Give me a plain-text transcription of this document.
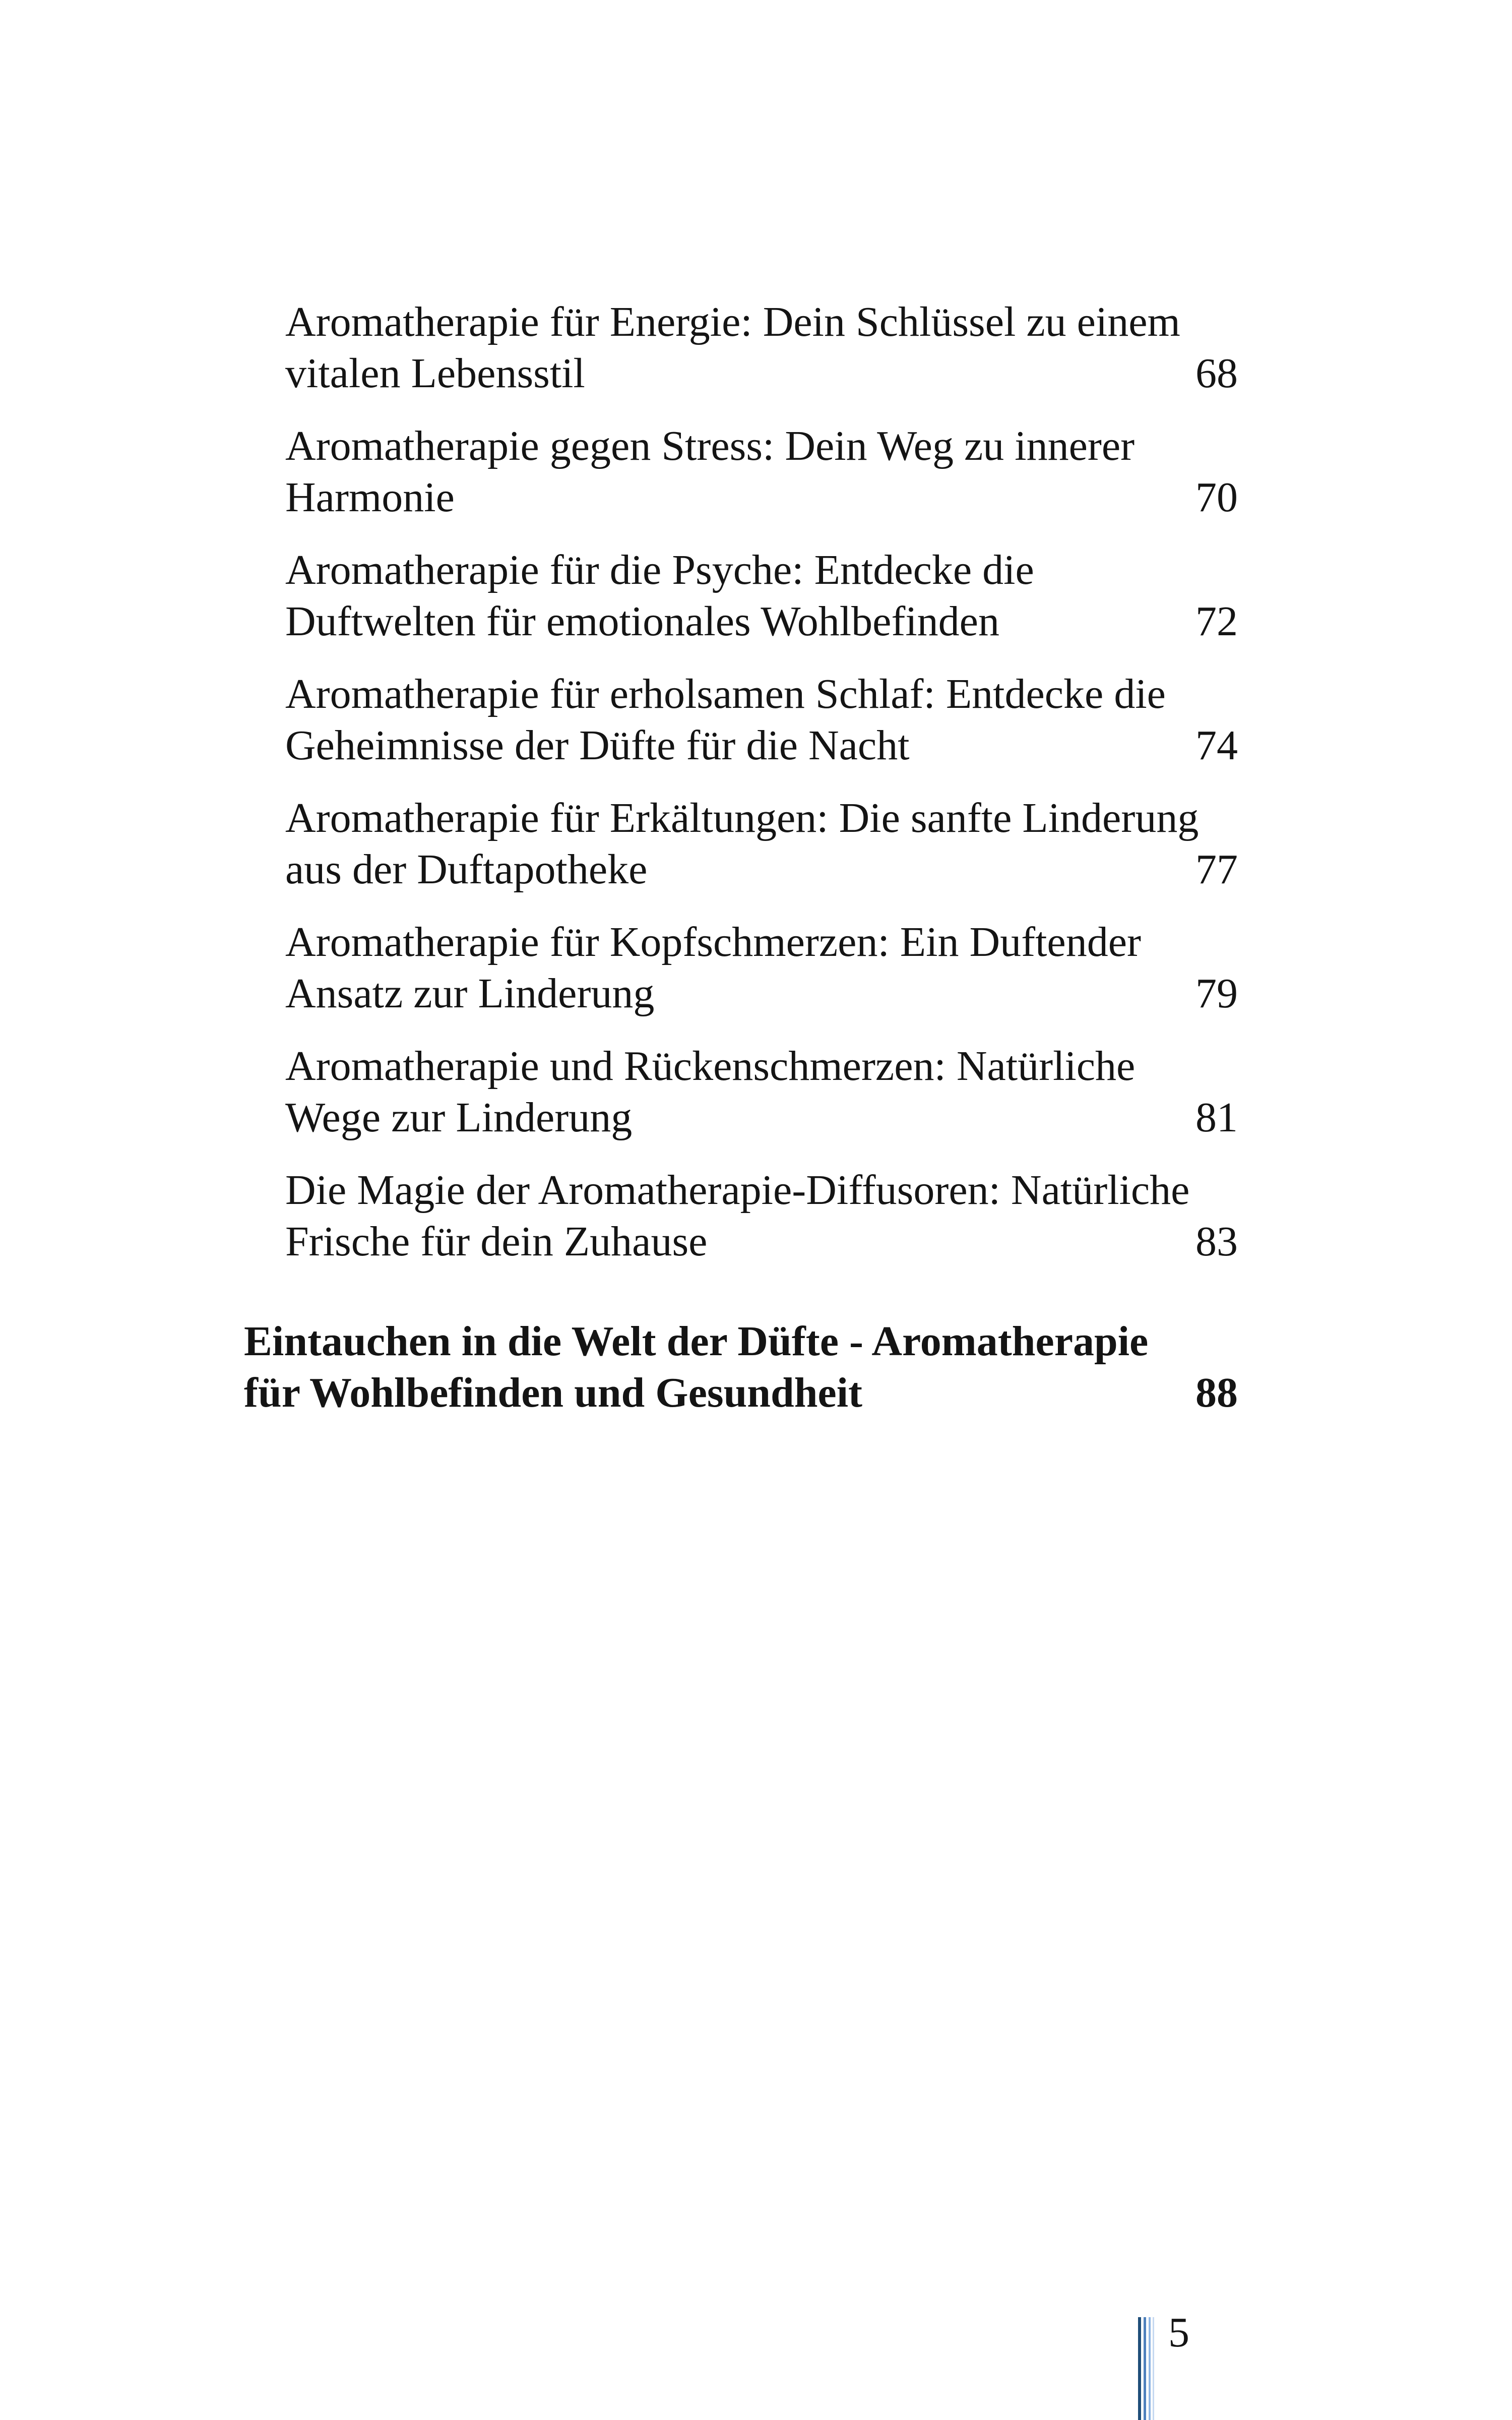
Aromatherapie für Energie: Dein Schlüssel zu einem
vitalen Lebensstil	68
Aromatherapie gegen Stress: Dein Weg zu innerer
Harmonie	70
Aromatherapie für die Psyche: Entdecke die
Duftwelten für emotionales Wohlbefinden	72
Aromatherapie für erholsamen Schlaf: Entdecke die
Geheimnisse der Düfte für die Nacht	74
Aromatherapie für Erkältungen: Die sanfte Linderung
aus der Duftapotheke	77
Aromatherapie für Kopfschmerzen: Ein Duftender
Ansatz zur Linderung	79
Aromatherapie und Rückenschmerzen: Natürliche
Wege zur Linderung	81
Die Magie der Aromatherapie-Diffusoren: Natürliche
Frische für dein Zuhause	83
Eintauchen in die Welt der Düfte - Aromatherapie
für Wohlbefinden und Gesundheit	88
5
